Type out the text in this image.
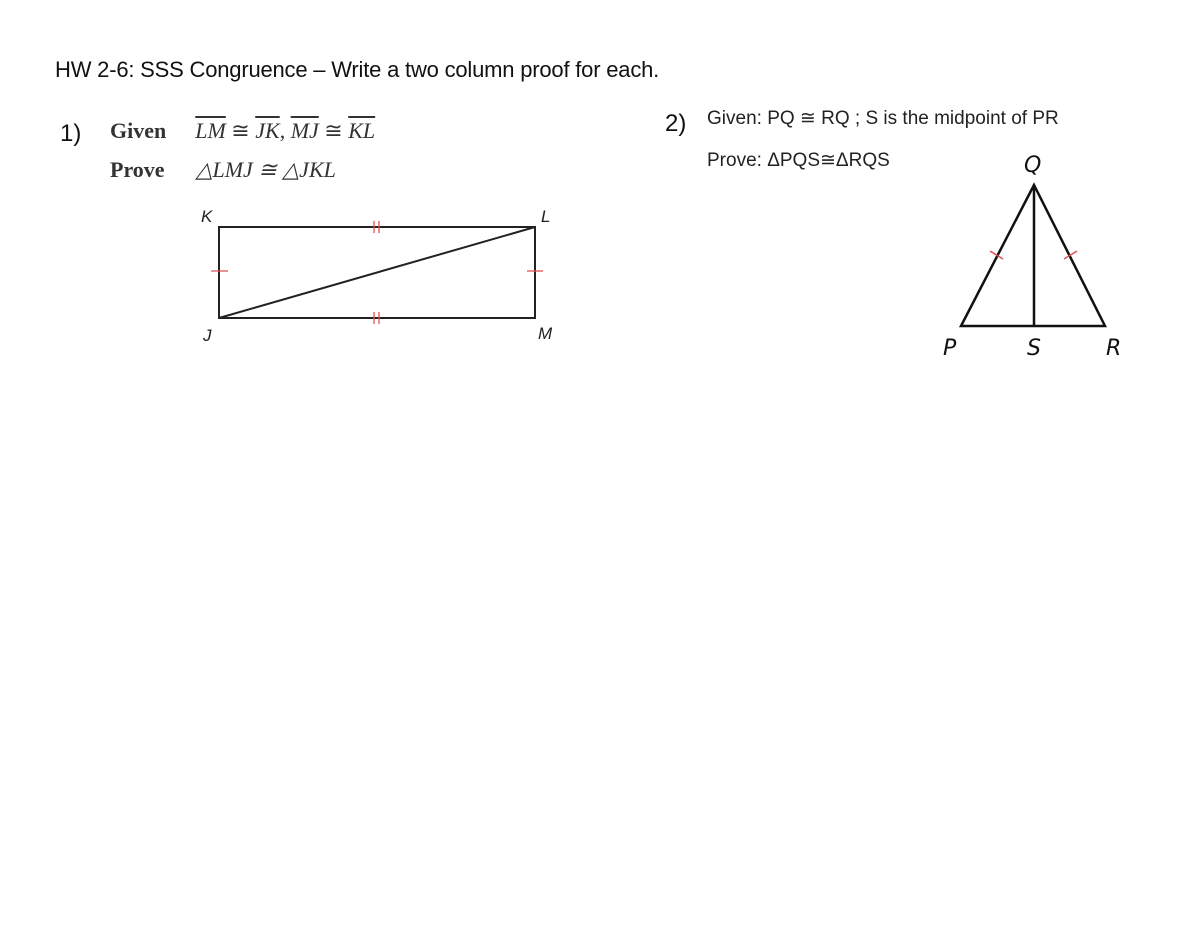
HW 2-6: SSS Congruence – Write a two column proof for each.
1) Given $\overline{LM}$ ≅ $\overline{JK}$, $\overline{MJ}$ ≅ $\overline{KL}$
Prove △LMJ ≅ △JKL
2) Given: PQ ≅ RQ ; S is the midpoint of PR
Prove: ΔPQS≅ΔRQS
K	L
J	M
Q
P	S	R
